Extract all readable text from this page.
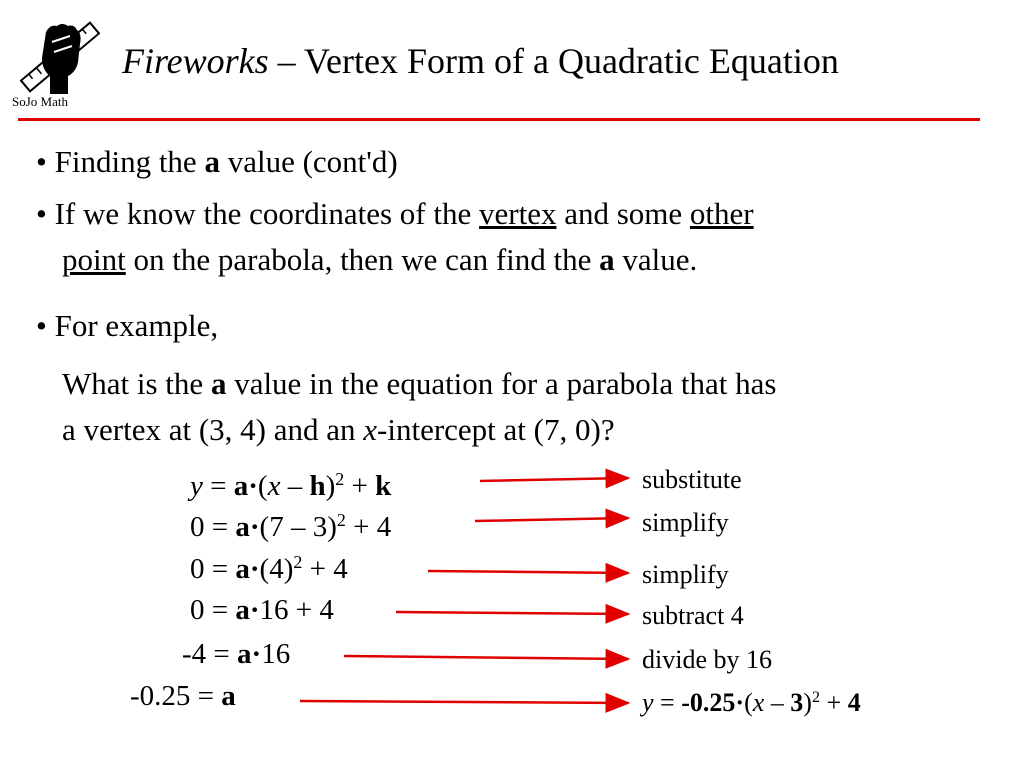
SoJo Math
Fireworks – Vertex Form of a Quadratic Equation
• Finding the a value (cont'd)
• If we know the coordinates of the vertex and some other
point on the parabola, then we can find the a value.
• For example,
What is the a value in the equation for a parabola that has
a vertex at (3, 4) and an x-intercept at (7, 0)?
y = a·(x – h)$^2$ + k
0 = a·(7 – 3)$^2$ + 4
$0 = a\cdot(4)^2 + 4$
0 = a·16 + 4
-4 = a·16
-0.25 = a
substitute
simplify
simplify
subtract 4
divide by 16
y = -0.25·(x – 3)$^2$ + 4
